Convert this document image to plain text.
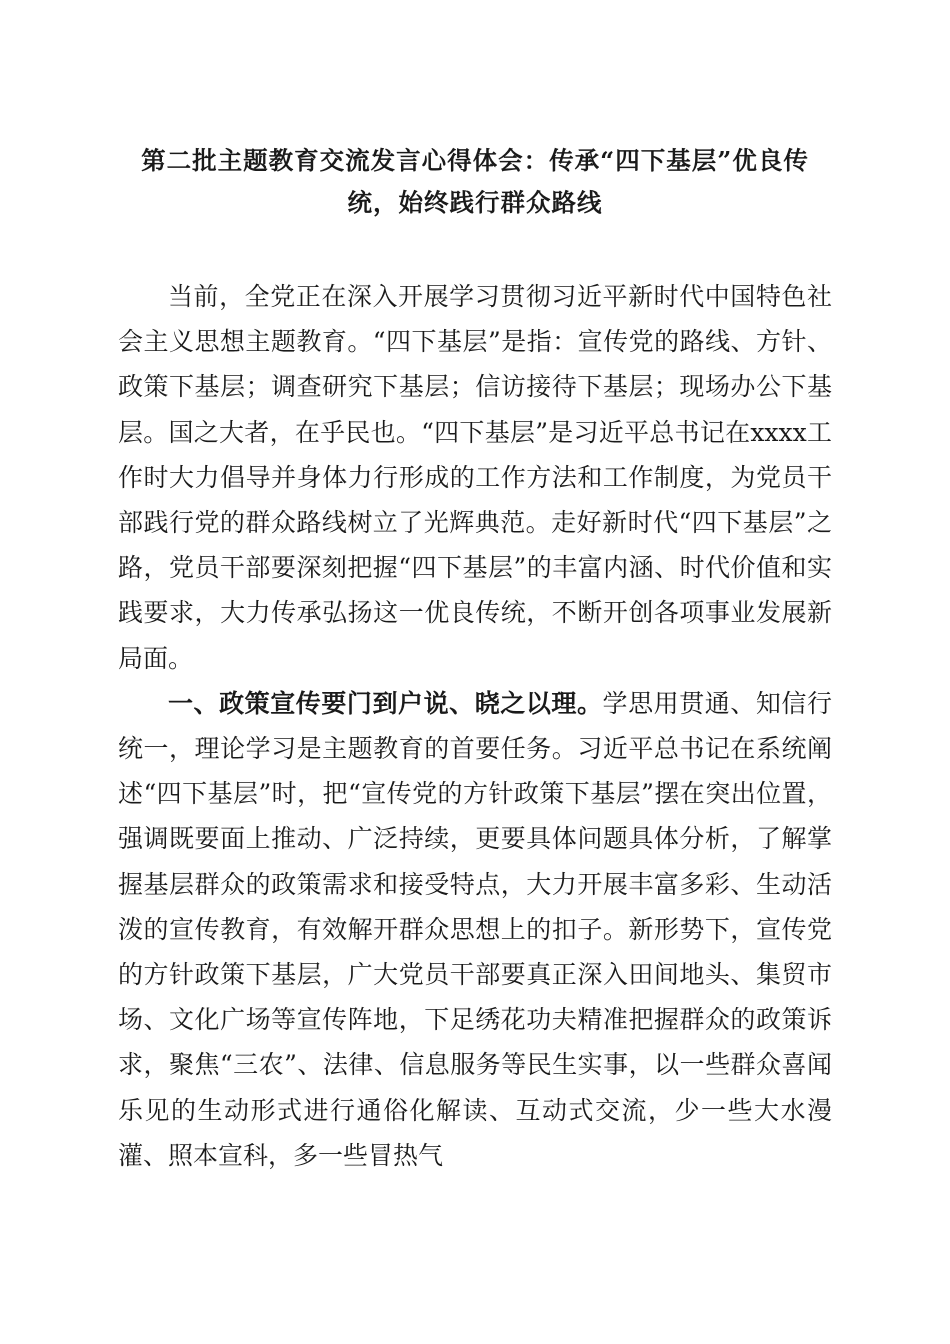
第二批主题教育交流发言心得体会：传承“四下基层”优良传统，始终践行群众路线

当前，全党正在深入开展学习贯彻习近平新时代中国特色社会主义思想主题教育。“四下基层”是指：宣传党的路线、方针、政策下基层；调查研究下基层；信访接待下基层；现场办公下基层。国之大者，在乎民也。“四下基层”是习近平总书记在xxxx工作时大力倡导并身体力行形成的工作方法和工作制度，为党员干部践行党的群众路线树立了光辉典范。走好新时代“四下基层”之路，党员干部要深刻把握“四下基层”的丰富内涵、时代价值和实践要求，大力传承弘扬这一优良传统，不断开创各项事业发展新局面。

一、政策宣传要门到户说、晓之以理。学思用贯通、知信行统一，理论学习是主题教育的首要任务。习近平总书记在系统阐述“四下基层”时，把“宣传党的方针政策下基层”摆在突出位置，强调既要面上推动、广泛持续，更要具体问题具体分析，了解掌握基层群众的政策需求和接受特点，大力开展丰富多彩、生动活泼的宣传教育，有效解开群众思想上的扣子。新形势下，宣传党的方针政策下基层，广大党员干部要真正深入田间地头、集贸市场、文化广场等宣传阵地，下足绣花功夫精准把握群众的政策诉求，聚焦“三农”、法律、信息服务等民生实事，以一些群众喜闻乐见的生动形式进行通俗化解读、互动式交流，少一些大水漫灌、照本宣科，多一些冒热气
